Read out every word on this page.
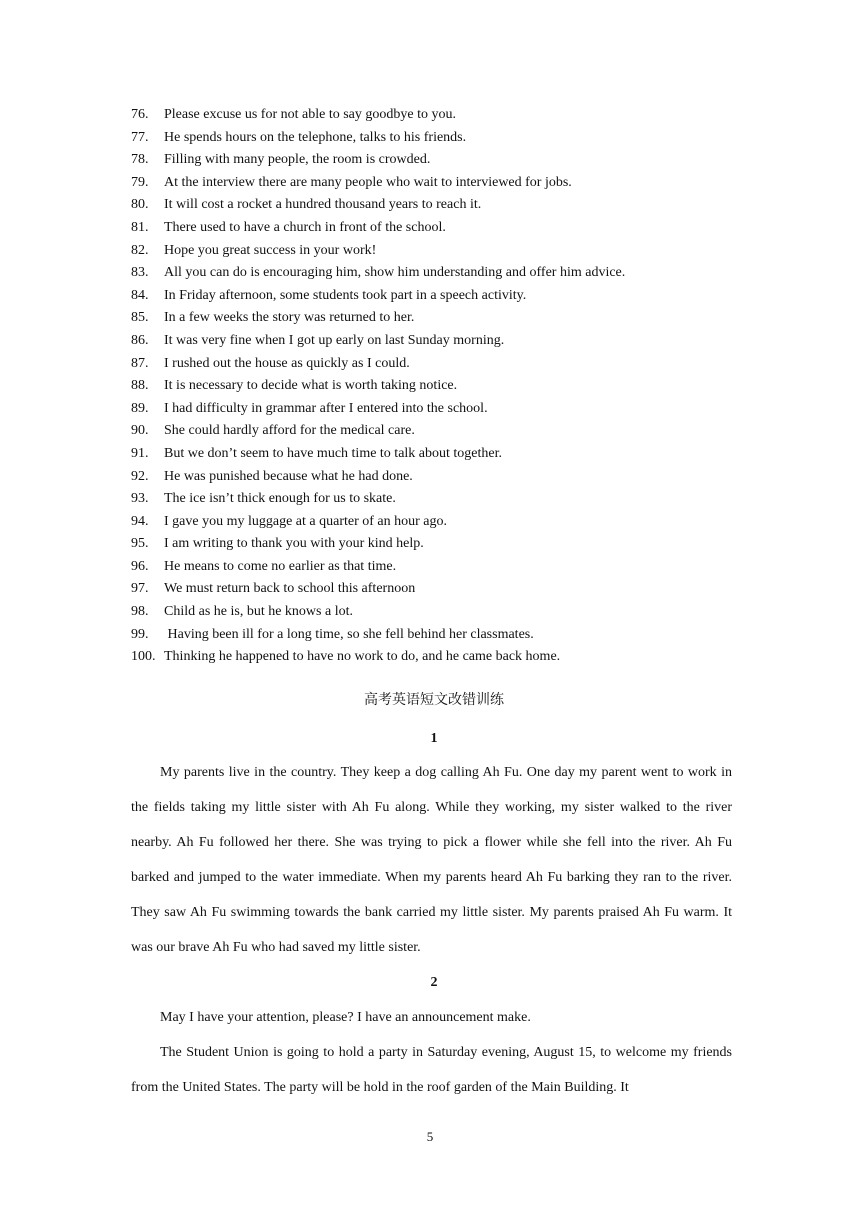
76.	Please excuse us for not able to say goodbye to you.
77.	He spends hours on the telephone, talks to his friends.
78.	Filling with many people, the room is crowded.
79.	At the interview there are many people who wait to interviewed for jobs.
80.	It will cost a rocket a hundred thousand years to reach it.
81.	There used to have a church in front of the school.
82.	Hope you great success in your work!
83.	All you can do is encouraging him, show him understanding and offer him advice.
84.	In Friday afternoon, some students took part in a speech activity.
85.	In a few weeks the story was returned to her.
86.	It was very fine when I got up early on last Sunday morning.
87.	I rushed out the house as quickly as I could.
88.	It is necessary to decide what is worth taking notice.
89.	I had difficulty in grammar after I entered into the school.
90.	She could hardly afford for the medical care.
91.	But we don’t seem to have much time to talk about together.
92.	He was punished because what he had done.
93.	The ice isn’t thick enough for us to skate.
94.	I gave you my luggage at a quarter of an hour ago.
95.	I am writing to thank you with your kind help.
96.	He means to come no earlier as that time.
97.	We must return back to school this afternoon
98.	Child as he is, but he knows a lot.
99.	Having been ill for a long time, so she fell behind her classmates.
100. Thinking he happened to have no work to do, and he came back home.
高考英语短文改错训练
1

My parents live in the country. They keep a dog calling Ah Fu. One day my parent went to work in the fields taking my little sister with Ah Fu along. While they working, my sister walked to the river nearby. Ah Fu followed her there. She was trying to pick a flower while she fell into the river. Ah Fu barked and jumped to the water immediate. When my parents heard Ah Fu barking they ran to the river. They saw Ah Fu swimming towards the bank carried my little sister. My parents praised Ah Fu warm. It was our brave Ah Fu who had saved my little sister.

2

May I have your attention, please? I have an announcement make.

The Student Union is going to hold a party in Saturday evening, August 15, to welcome my friends from the United States. The party will be hold in the roof garden of the Main Building. It

5
